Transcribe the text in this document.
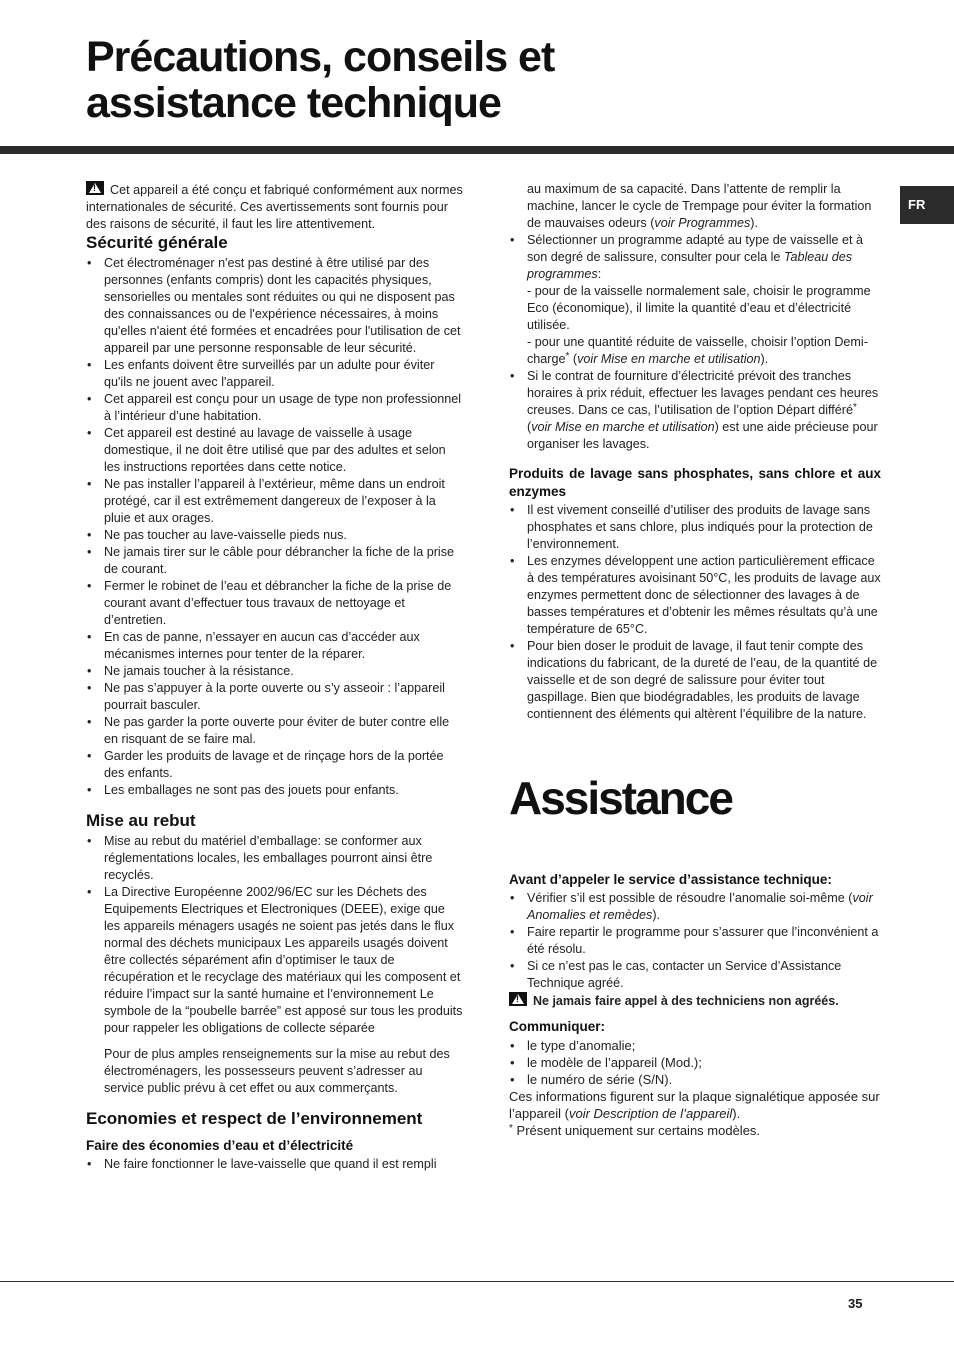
Précautions, conseils et
assistance technique
FR

!Cet appareil a été conçu et fabriqué conformément aux normes internationales de sécurité. Ces avertissements sont fournis pour des raisons de sécurité, il faut les lire attentivement.

Sécurité générale
• Cet électroménager n'est pas destiné à être utilisé par des personnes (enfants compris) dont les capacités physiques, sensorielles ou mentales sont réduites ou qui ne disposent pas des connaissances ou de l'expérience nécessaires, à moins qu'elles n'aient été formées et encadrées pour l'utilisation de cet appareil par une personne responsable de leur sécurité.
• Les enfants doivent être surveillés par un adulte pour éviter qu'ils ne jouent avec l'appareil.
• Cet appareil est conçu pour un usage de type non professionnel à l’intérieur d’une habitation.
• Cet appareil est destiné au lavage de vaisselle à usage domestique, il ne doit être utilisé que par des adultes et selon les instructions reportées dans cette notice.
• Ne pas installer l’appareil à l’extérieur, même dans un endroit protégé, car il est extrêmement dangereux de l’exposer à la pluie et aux orages.
• Ne pas toucher au lave-vaisselle pieds nus.
• Ne jamais tirer sur le câble pour débrancher la fiche de la prise de courant.
• Fermer le robinet de l’eau et débrancher la fiche de la prise de courant avant d’effectuer tous travaux de nettoyage et d’entretien.
• En cas de panne, n’essayer en aucun cas d’accéder aux mécanismes internes pour tenter de la réparer.
• Ne jamais toucher à la résistance.
• Ne pas s’appuyer à la porte ouverte ou s’y asseoir : l’appareil pourrait basculer.
• Ne pas garder la porte ouverte pour éviter de buter contre elle en risquant de se faire mal.
• Garder les produits de lavage et de rinçage hors de la portée des enfants.
• Les emballages ne sont pas des jouets pour enfants.
Mise au rebut
• Mise au rebut du matériel d’emballage: se conformer aux réglementations locales, les emballages pourront ainsi être recyclés.
• La Directive Européenne 2002/96/EC sur les Déchets des Equipements Electriques et Electroniques (DEEE), exige que les appareils ménagers usagés ne soient pas jetés dans le flux normal des déchets municipaux Les appareils usagés doivent être collectés séparément afin d’optimiser le taux de récupération et le recyclage des matériaux qui les composent et réduire l’impact sur la santé humaine et l’environnement Le symbole de la “poubelle barrée” est apposé sur tous les produits pour rappeler les obligations de collecte séparée

Pour de plus amples renseignements sur la mise au rebut des électroménagers, les possesseurs peuvent s’adresser au service public prévu à cet effet ou aux commerçants.

Economies et respect de l’environnement
Faire des économies d’eau et d’électricité
• Ne faire fonctionner le lave-vaisselle que quand il est rempli

au maximum de sa capacité. Dans l’attente de remplir la machine, lancer le cycle de Trempage pour éviter la formation de mauvaises odeurs (voir Programmes).

• Sélectionner un programme adapté au type de vaisselle et à son degré de salissure, consulter pour cela le Tableau des programmes:
- pour de la vaisselle normalement sale, choisir le programme Eco (économique), il limite la quantité d’eau et d’électricité utilisée.
- pour une quantité réduite de vaisselle, choisir l’option Demi-charge* (voir Mise en marche et utilisation).
• Si le contrat de fourniture d’électricité prévoit des tranches horaires à prix réduit, effectuer les lavages pendant ces heures creuses. Dans ce cas, l’utilisation de l’option Départ différé* (voir Mise en marche et utilisation) est une aide précieuse pour organiser les lavages.
Produits de lavage sans phosphates, sans chlore et aux enzymes
• Il est vivement conseillé d’utiliser des produits de lavage sans phosphates et sans chlore, plus indiqués pour la protection de l’environnement.
• Les enzymes développent une action particulièrement efficace à des températures avoisinant 50°C, les produits de lavage aux enzymes permettent donc de sélectionner des lavages à de basses températures et d’obtenir les mêmes résultats qu’à une température de 65°C.
• Pour bien doser le produit de lavage, il faut tenir compte des indications du fabricant, de la dureté de l’eau, de la quantité de vaisselle et de son degré de salissure pour éviter tout gaspillage. Bien que biodégradables, les produits de lavage contiennent des éléments qui altèrent l’équilibre de la nature.
Assistance
Avant d’appeler le service d’assistance technique:
• Vérifier s’il est possible de résoudre l’anomalie soi-même (voir Anomalies et remèdes).
• Faire repartir le programme pour s’assurer que l’inconvénient a été résolu.
• Si ce n’est pas le cas, contacter un Service d’Assistance Technique agréé.

!Ne jamais faire appel à des techniciens non agréés.

Communiquer:
• le type d’anomalie;
• le modèle de l’appareil (Mod.);
• le numéro de série (S/N).

Ces informations figurent sur la plaque signalétique apposée sur l’appareil (voir Description de l’appareil).

* Présent uniquement sur certains modèles.

35
